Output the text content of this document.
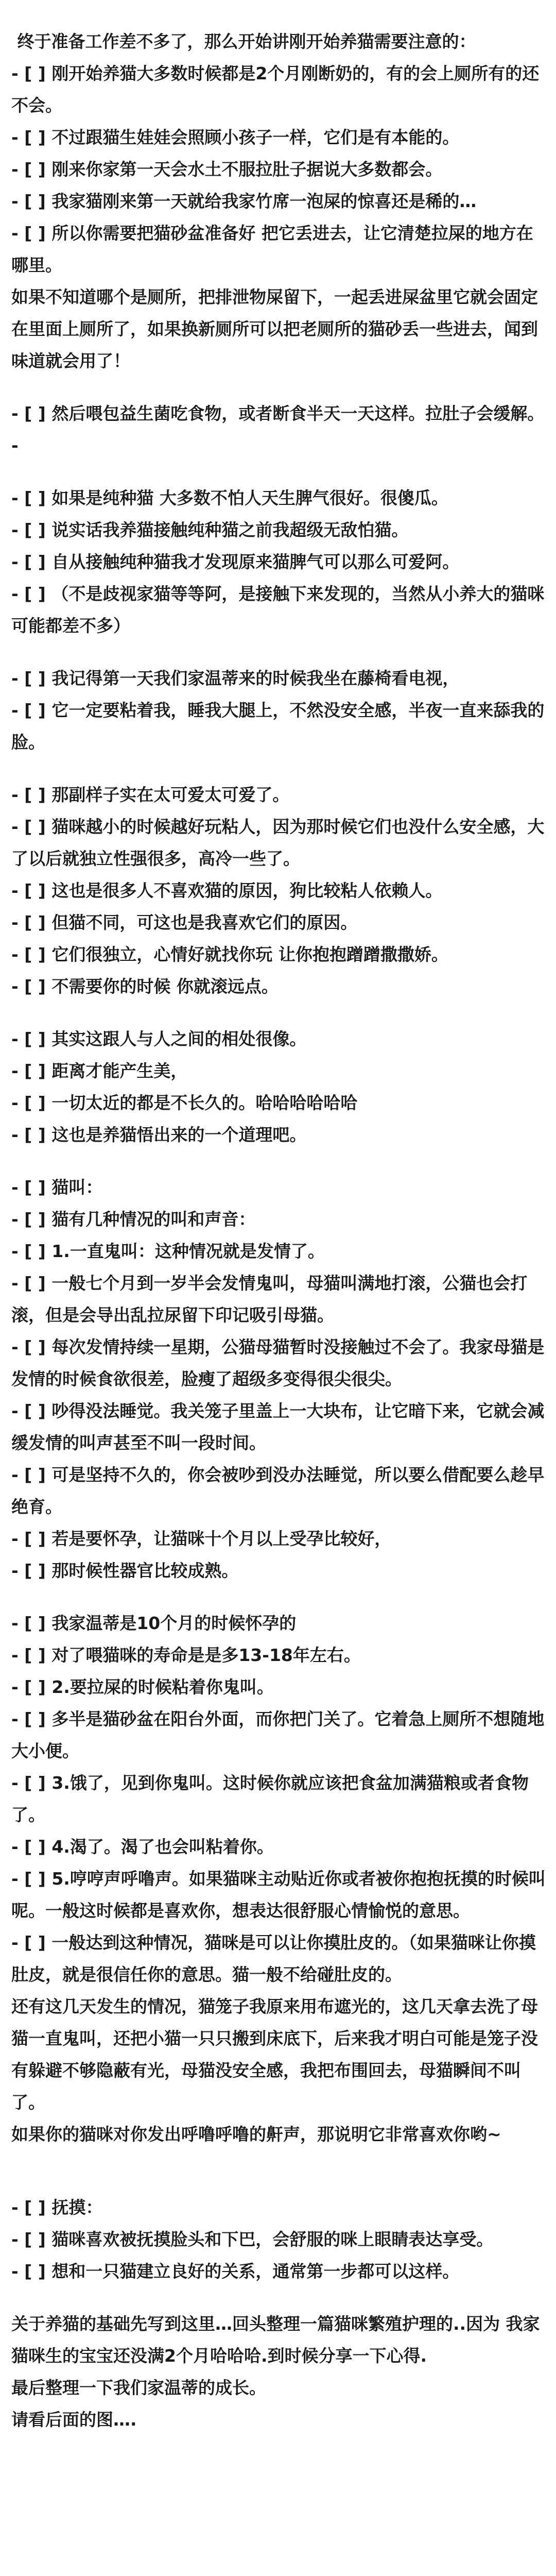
终于准备工作差不多了，那么开始讲刚开始养猫需要注意的：
- [ ] 刚开始养猫大多数时候都是2个月刚断奶的，有的会上厕所有的还不会。
- [ ] 不过跟猫生娃娃会照顾小孩子一样，它们是有本能的。
- [ ] 刚来你家第一天会水土不服拉肚子据说大多数都会。
- [ ] 我家猫刚来第一天就给我家竹席一泡屎的惊喜还是稀的…
- [ ] 所以你需要把猫砂盆准备好 把它丢进去，让它清楚拉屎的地方在哪里。
如果不知道哪个是厕所，把排泄物屎留下，一起丢进屎盆里它就会固定在里面上厕所了，如果换新厕所可以把老厕所的猫砂丢一些进去，闻到味道就会用了！
- [ ] 然后喂包益生菌吃食物，或者断食半天一天这样。拉肚子会缓解。
-
- [ ] 如果是纯种猫 大多数不怕人天生脾气很好。很傻瓜。
- [ ] 说实话我养猫接触纯种猫之前我超级无敌怕猫。
- [ ] 自从接触纯种猫我才发现原来猫脾气可以那么可爱阿。
- [ ] （不是歧视家猫等等阿，是接触下来发现的，当然从小养大的猫咪可能都差不多）
- [ ] 我记得第一天我们家温蒂来的时候我坐在藤椅看电视，
- [ ] 它一定要粘着我，睡我大腿上，不然没安全感，半夜一直来舔我的脸。
- [ ] 那副样子实在太可爱太可爱了。
- [ ] 猫咪越小的时候越好玩粘人，因为那时候它们也没什么安全感，大了以后就独立性强很多，高冷一些了。
- [ ] 这也是很多人不喜欢猫的原因，狗比较粘人依赖人。
- [ ] 但猫不同，可这也是我喜欢它们的原因。
- [ ] 它们很独立，心情好就找你玩 让你抱抱蹭蹭撒撒娇。
- [ ] 不需要你的时候 你就滚远点。
- [ ] 其实这跟人与人之间的相处很像。
- [ ] 距离才能产生美，
- [ ] 一切太近的都是不长久的。哈哈哈哈哈哈
- [ ] 这也是养猫悟出来的一个道理吧。
- [ ] 猫叫：
- [ ] 猫有几种情况的叫和声音：
- [ ] 1.一直鬼叫：这种情况就是发情了。
- [ ] 一般七个月到一岁半会发情鬼叫，母猫叫满地打滚，公猫也会打滚，但是会导出乱拉尿留下印记吸引母猫。
- [ ] 每次发情持续一星期，公猫母猫暂时没接触过不会了。我家母猫是发情的时候食欲很差，脸瘦了超级多变得很尖很尖。
- [ ] 吵得没法睡觉。我关笼子里盖上一大块布，让它暗下来，它就会减缓发情的叫声甚至不叫一段时间。
- [ ] 可是坚持不久的，你会被吵到没办法睡觉，所以要么借配要么趁早绝育。
- [ ] 若是要怀孕，让猫咪十个月以上受孕比较好，
- [ ] 那时候性器官比较成熟。
- [ ] 我家温蒂是10个月的时候怀孕的
- [ ] 对了喂猫咪的寿命是是多13-18年左右。
- [ ] 2.要拉屎的时候粘着你鬼叫。
- [ ] 多半是猫砂盆在阳台外面，而你把门关了。它着急上厕所不想随地大小便。
- [ ] 3.饿了，见到你鬼叫。这时候你就应该把食盆加满猫粮或者食物了。
- [ ] 4.渴了。渴了也会叫粘着你。
- [ ] 5.哼哼声呼噜声。如果猫咪主动贴近你或者被你抱抱抚摸的时候叫呢。一般这时候都是喜欢你，想表达很舒服心情愉悦的意思。
- [ ] 一般达到这种情况，猫咪是可以让你摸肚皮的。（如果猫咪让你摸肚皮，就是很信任你的意思。猫一般不给碰肚皮的。
还有这几天发生的情况，猫笼子我原来用布遮光的，这几天拿去洗了母猫一直鬼叫，还把小猫一只只搬到床底下，后来我才明白可能是笼子没有躲避不够隐蔽有光，母猫没安全感，我把布围回去，母猫瞬间不叫了。
如果你的猫咪对你发出呼噜呼噜的鼾声，那说明它非常喜欢你哟~
- [ ] 抚摸：
- [ ] 猫咪喜欢被抚摸脸头和下巴，会舒服的咪上眼睛表达享受。
- [ ] 想和一只猫建立良好的关系，通常第一步都可以这样。
关于养猫的基础先写到这里…回头整理一篇猫咪繁殖护理的..因为 我家猫咪生的宝宝还没满2个月哈哈哈.到时候分享一下心得.
最后整理一下我们家温蒂的成长。
请看后面的图….
